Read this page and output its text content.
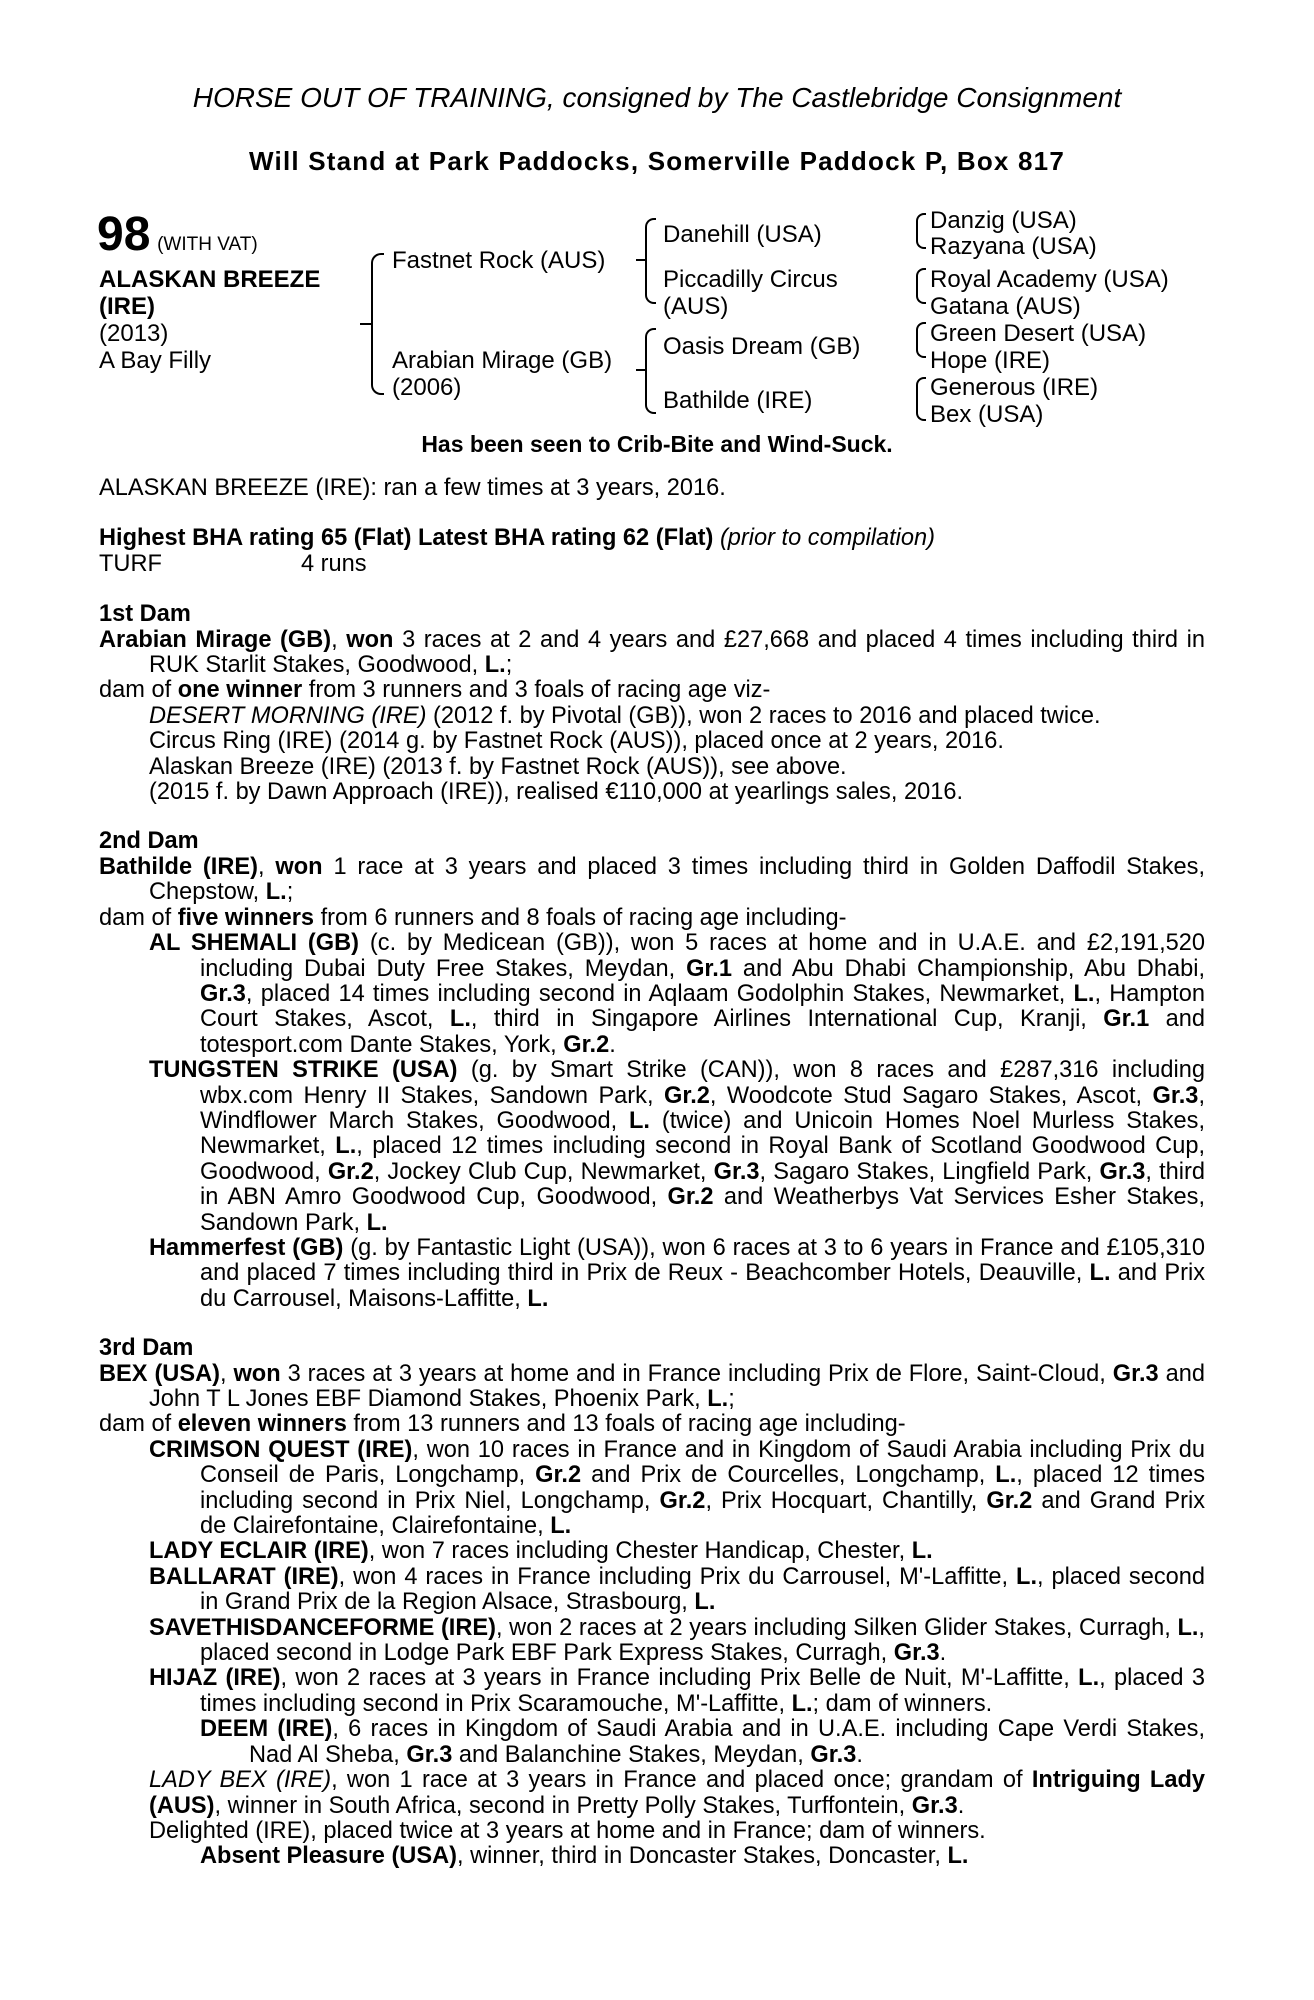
HORSE OUT OF TRAINING, consigned by The Castlebridge Consignment
Will Stand at Park Paddocks, Somerville Paddock P, Box 817
98 (WITH VAT)
ALASKAN BREEZE
(IRE)
(2013)
A Bay Filly
Fastnet Rock (AUS)
Arabian Mirage (GB)
(2006)
Danehill (USA)
Piccadilly Circus
(AUS)
Oasis Dream (GB)
Bathilde (IRE)
Danzig (USA)
Razyana (USA)
Royal Academy (USA)
Gatana (AUS)
Green Desert (USA)
Hope (IRE)
Generous (IRE)
Bex (USA)
Has been seen to Crib-Bite and Wind-Suck.

ALASKAN BREEZE (IRE): ran a few times at 3 years, 2016.

Highest BHA rating 65 (Flat) Latest BHA rating 62 (Flat) (prior to compilation)

TURF	4 runs

1st Dam

Arabian Mirage (GB), won 3 races at 2 and 4 years and £27,668 and placed 4 times including third in RUK Starlit Stakes, Goodwood, L.;

dam of one winner from 3 runners and 3 foals of racing age viz-

DESERT MORNING (IRE) (2012 f. by Pivotal (GB)), won 2 races to 2016 and placed twice.

Circus Ring (IRE) (2014 g. by Fastnet Rock (AUS)), placed once at 2 years, 2016.

Alaskan Breeze (IRE) (2013 f. by Fastnet Rock (AUS)), see above.

(2015 f. by Dawn Approach (IRE)), realised €110,000 at yearlings sales, 2016.

2nd Dam

Bathilde (IRE), won 1 race at 3 years and placed 3 times including third in Golden Daffodil Stakes, Chepstow, L.;

dam of five winners from 6 runners and 8 foals of racing age including-

AL SHEMALI (GB) (c. by Medicean (GB)), won 5 races at home and in U.A.E. and £2,191,520 including Dubai Duty Free Stakes, Meydan, Gr.1 and Abu Dhabi Championship, Abu Dhabi, Gr.3, placed 14 times including second in Aqlaam Godolphin Stakes, Newmarket, L., Hampton Court Stakes, Ascot, L., third in Singapore Airlines International Cup, Kranji, Gr.1 and totesport.com Dante Stakes, York, Gr.2.

TUNGSTEN STRIKE (USA) (g. by Smart Strike (CAN)), won 8 races and £287,316 including wbx.com Henry II Stakes, Sandown Park, Gr.2, Woodcote Stud Sagaro Stakes, Ascot, Gr.3, Windflower March Stakes, Goodwood, L. (twice) and Unicoin Homes Noel Murless Stakes, Newmarket, L., placed 12 times including second in Royal Bank of Scotland Goodwood Cup, Goodwood, Gr.2, Jockey Club Cup, Newmarket, Gr.3, Sagaro Stakes, Lingfield Park, Gr.3, third in ABN Amro Goodwood Cup, Goodwood, Gr.2 and Weatherbys Vat Services Esher Stakes, Sandown Park, L.

Hammerfest (GB) (g. by Fantastic Light (USA)), won 6 races at 3 to 6 years in France and £105,310 and placed 7 times including third in Prix de Reux - Beachcomber Hotels, Deauville, L. and Prix du Carrousel, Maisons-Laffitte, L.

3rd Dam

BEX (USA), won 3 races at 3 years at home and in France including Prix de Flore, Saint-Cloud, Gr.3 and John T L Jones EBF Diamond Stakes, Phoenix Park, L.;

dam of eleven winners from 13 runners and 13 foals of racing age including-

CRIMSON QUEST (IRE), won 10 races in France and in Kingdom of Saudi Arabia including Prix du Conseil de Paris, Longchamp, Gr.2 and Prix de Courcelles, Longchamp, L., placed 12 times including second in Prix Niel, Longchamp, Gr.2, Prix Hocquart, Chantilly, Gr.2 and Grand Prix de Clairefontaine, Clairefontaine, L.

LADY ECLAIR (IRE), won 7 races including Chester Handicap, Chester, L.

BALLARAT (IRE), won 4 races in France including Prix du Carrousel, M'-Laffitte, L., placed second in Grand Prix de la Region Alsace, Strasbourg, L.

SAVETHISDANCEFORME (IRE), won 2 races at 2 years including Silken Glider Stakes, Curragh, L., placed second in Lodge Park EBF Park Express Stakes, Curragh, Gr.3.

HIJAZ (IRE), won 2 races at 3 years in France including Prix Belle de Nuit, M'-Laffitte, L., placed 3 times including second in Prix Scaramouche, M'-Laffitte, L.; dam of winners.

DEEM (IRE), 6 races in Kingdom of Saudi Arabia and in U.A.E. including Cape Verdi Stakes, Nad Al Sheba, Gr.3 and Balanchine Stakes, Meydan, Gr.3.

LADY BEX (IRE), won 1 race at 3 years in France and placed once; grandam of Intriguing Lady (AUS), winner in South Africa, second in Pretty Polly Stakes, Turffontein, Gr.3.

Delighted (IRE), placed twice at 3 years at home and in France; dam of winners.

Absent Pleasure (USA), winner, third in Doncaster Stakes, Doncaster, L.
